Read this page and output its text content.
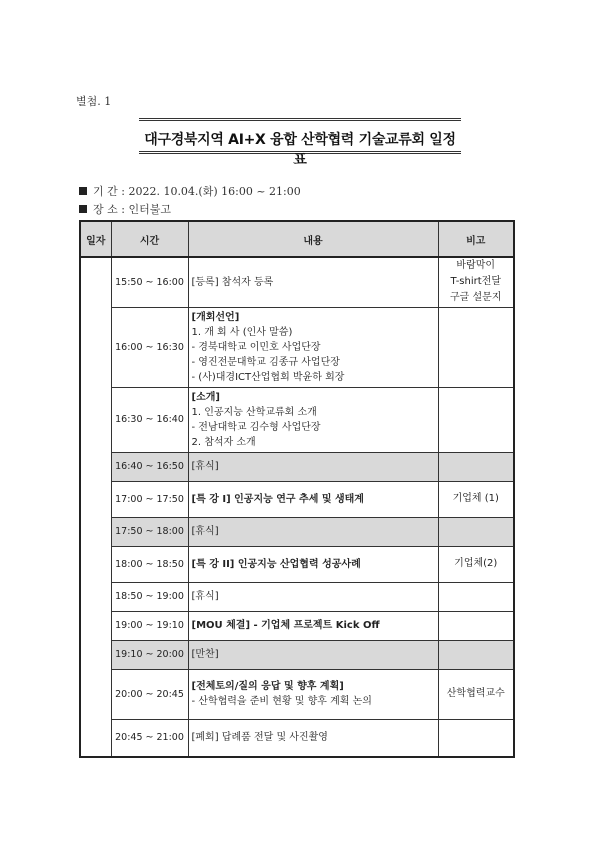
별첨. 1
대구경북지역 AI+X 융합 산학협력 기술교류회 일정표
기 간 : 2022. 10.04.(화) 16:00 ~ 21:00
장 소 : 인터불고
일자	시간	내용	비고
	15:50 ~ 16:00	[등록] 참석자 등록	바람막이
T-shirt전달
구글 설문지

	16:00 ~ 16:30	[개회선언]
1. 개 회 사 (인사 말씀)
- 경북대학교 이민호 사업단장
- 영진전문대학교 김종규 사업단장
- (사)대경ICT산업협회 박윤하 회장	

	16:30 ~ 16:40	[소개]
1. 인공지능 산학교류회 소개
- 전남대학교 김수형 사업단장
2. 참석자 소개	

	16:40 ~ 16:50	[휴식]	

	17:00 ~ 17:50	[특 강 I] 인공지능 연구 추세 및 생태계	기업체 (1)

	17:50 ~ 18:00	[휴식]	

	18:00 ~ 18:50	[특 강 II] 인공지능 산업협력 성공사례	기업체(2)

	18:50 ~ 19:00	[휴식]	

	19:00 ~ 19:10	[MOU 체결] - 기업체 프로젝트 Kick Off	

	19:10 ~ 20:00	[만찬]	

	20:00 ~ 20:45	[전체토의/질의 응답 및 향후 계획]
- 산학협력을 준비 현황 및 향후 계획 논의	산학협력교수

	20:45 ~ 21:00	[폐회] 답례품 전달 및 사진촬영	
